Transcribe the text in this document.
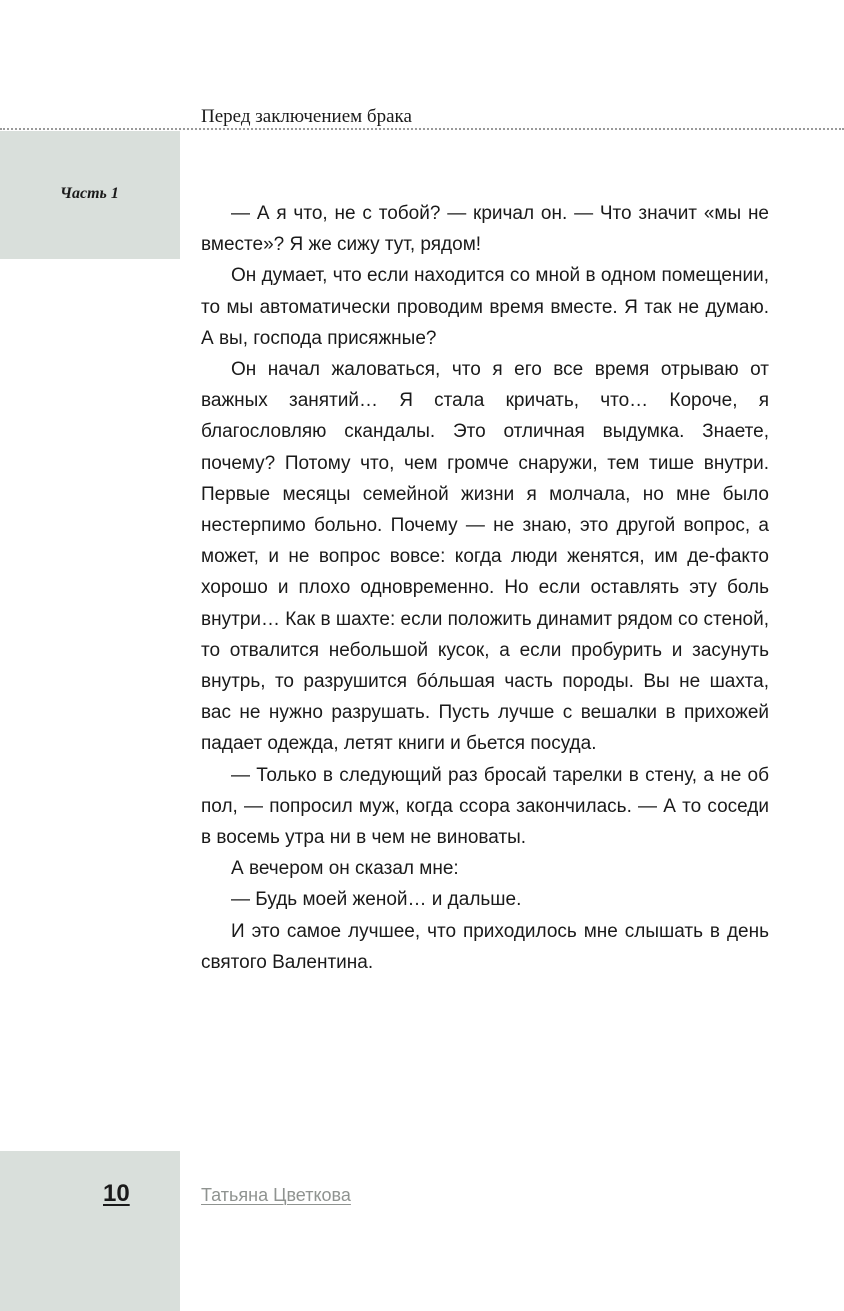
Перед заключением брака
Часть 1

— А я что, не с тобой? — кричал он. — Что значит «мы не вместе»? Я же сижу тут, рядом!

Он думает, что если находится со мной в одном помещении, то мы автоматически проводим время вместе. Я так не думаю. А вы, господа присяжные?

Он начал жаловаться, что я его все время отрываю от важных занятий… Я стала кричать, что… Короче, я благословляю скандалы. Это отличная выдумка. Знаете, почему? Потому что, чем громче снаружи, тем тише внутри. Первые месяцы семейной жизни я молчала, но мне было нестерпимо больно. Почему — не знаю, это другой вопрос, а может, и не вопрос вовсе: когда люди женятся, им де-факто хорошо и плохо одновременно. Но если оставлять эту боль внутри… Как в шахте: если положить динамит рядом со стеной, то отвалится небольшой кусок, а если пробурить и засунуть внутрь, то разрушится бóльшая часть породы. Вы не шахта, вас не нужно разрушать. Пусть лучше с вешалки в прихожей падает одежда, летят книги и бьется посуда.

— Только в следующий раз бросай тарелки в стену, а не об пол, — попросил муж, когда ссора закончилась. — А то соседи в восемь утра ни в чем не виноваты.

А вечером он сказал мне:

— Будь моей женой… и дальше.

И это самое лучшее, что приходилось мне слышать в день святого Валентина.

10	Татьяна Цветкова
